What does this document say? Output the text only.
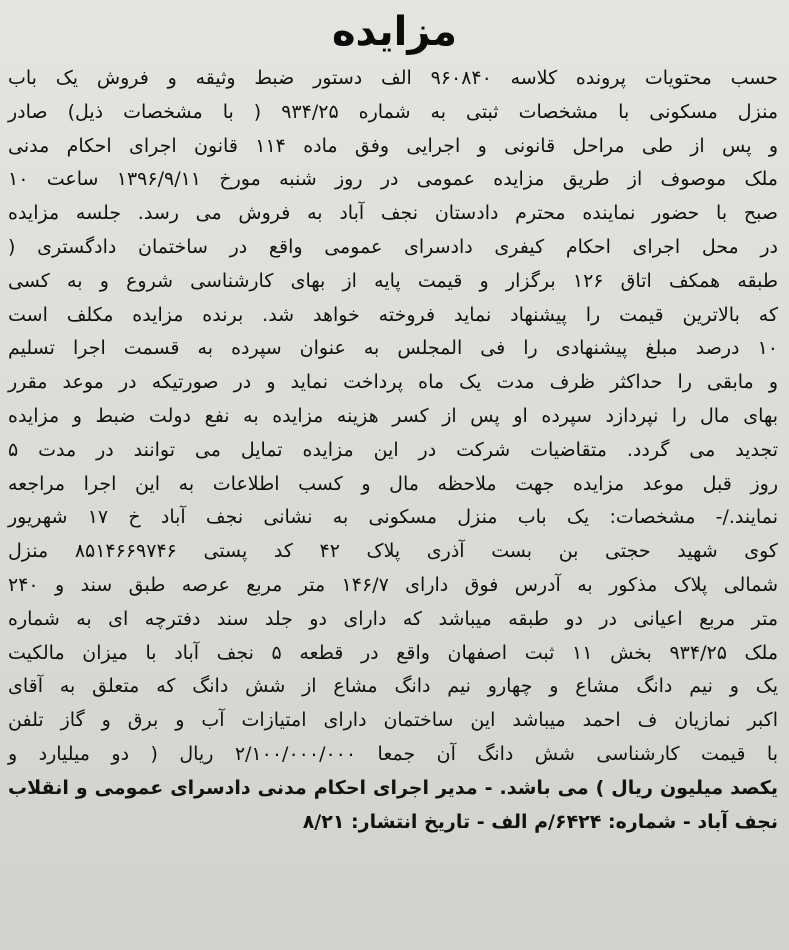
مزایده
حسب محتویات پرونده کلاسه ۹۶۰۸۴۰ الف دستور ضبط وثیقه و فروش یک باب
منزل مسکونی با مشخصات ثبتی به شماره ۹۳۴/۲۵ ( با مشخصات ذیل) صادر
و پس از طی مراحل قانونی و اجرایی وفق ماده ۱۱۴ قانون اجرای احکام مدنی
ملک موصوف از طریق مزایده عمومی در روز شنبه مورخ ۱۳۹۶/۹/۱۱ ساعت ۱۰
صبح با حضور نماینده محترم دادستان نجف آباد به فروش می رسد. جلسه مزایده
در محل اجرای احکام کیفری دادسرای عمومی واقع در ساختمان دادگستری (
طبقه همکف اتاق ۱۲۶ برگزار و قیمت پایه از بهای کارشناسی شروع و به کسی
که بالاترین قیمت را پیشنهاد نماید فروخته خواهد شد. برنده مزایده مکلف است
۱۰ درصد مبلغ پیشنهادی را فی المجلس به عنوان سپرده به قسمت اجرا تسلیم
و مابقی را حداکثر ظرف مدت یک ماه پرداخت نماید و در صورتیکه در موعد مقرر
بهای مال را نپردازد سپرده او پس از کسر هزینه مزایده به نفع دولت ضبط و مزایده
تجدید می گردد. متقاضیات شرکت در این مزایده تمایل می توانند در مدت ۵
روز قبل موعد مزایده جهت ملاحظه مال و کسب اطلاعات به این اجرا مراجعه
نمایند./- مشخصات: یک باب منزل مسکونی به نشانی نجف آباد خ ۱۷ شهریور
کوی شهید حجتی بن بست آذری پلاک ۴۲ کد پستی ۸۵۱۴۶۶۹۷۴۶ منزل
شمالی پلاک مذکور به آدرس فوق دارای ۱۴۶/۷ متر مربع عرصه طبق سند و ۲۴۰
متر مربع اعیانی در دو طبقه میباشد که دارای دو جلد سند دفترچه ای به شماره
ملک ۹۳۴/۲۵ بخش ۱۱ ثبت اصفهان واقع در قطعه ۵ نجف آباد با میزان مالکیت
یک و نیم دانگ مشاع و چهارو نیم دانگ مشاع از شش دانگ که متعلق به آقای
اکبر نمازیان ف احمد میباشد این ساختمان دارای امتیازات آب و برق و گاز تلفن
با قیمت کارشناسی شش دانگ آن جمعا ۲/۱۰۰/۰۰۰/۰۰۰ ریال ( دو میلیارد و
یکصد میلیون ریال ) می باشد. - مدیر اجرای احکام مدنی دادسرای عمومی و انقلاب
نجف آباد - شماره: ۶۴۲۴/م الف - تاریخ انتشار: ۸/۲۱
